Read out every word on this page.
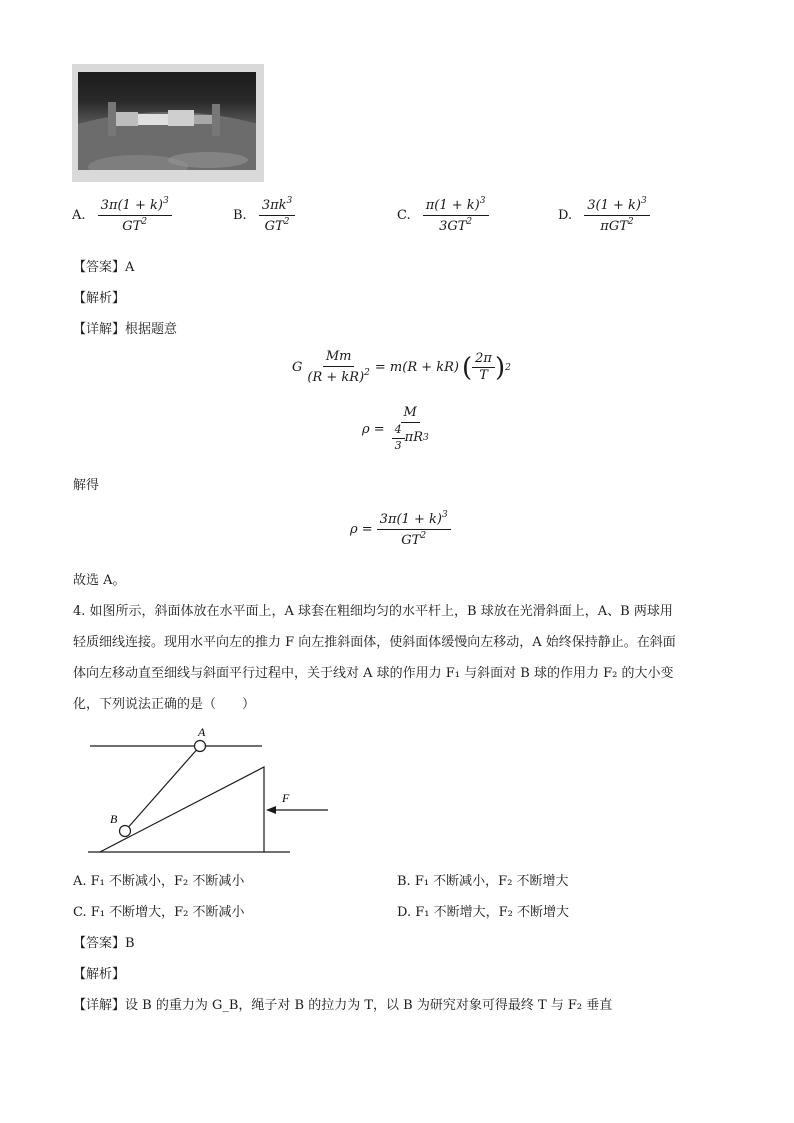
A. $\frac{3\pi(1 + k)^3}{GT^2}$	B. $\frac{3\pi k^3}{GT^2}$	C. $\frac{\pi(1 + k)^3}{3GT^2}$	D. $\frac{3(1 + k)^3}{\pi GT^2}$
【答案】A
【解析】
【详解】根据题意
G $\frac{Mm}{(R + kR)^2} = m(R + kR)$ ( $\frac{2\pi}{T}$ ) 2
$\rho = \frac{M}{\frac{4}{3} \pi R 3}$
解得
$\rho = \frac{3\pi(1 + k)^3}{GT^2}$
故选 A。
4. 如图所示，斜面体放在水平面上，A 球套在粗细均匀的水平杆上，B 球放在光滑斜面上，A、B 两球用
轻质细线连接。现用水平向左的推力 F 向左推斜面体，使斜面体缓慢向左移动，A 始终保持静止。在斜面
体向左移动直至细线与斜面平行过程中，关于线对 A 球的作用力 F₁ 与斜面对 B 球的作用力 F₂ 的大小变
化，下列说法正确的是（　　）
A
B
F
A. F₁ 不断减小，F₂ 不断减小	B. F₁ 不断减小，F₂ 不断增大
C. F₁ 不断增大，F₂ 不断减小	D. F₁ 不断增大，F₂ 不断增大
【答案】B
【解析】
【详解】设 B 的重力为 G_B，绳子对 B 的拉力为 T，以 B 为研究对象可得最终 T 与 F₂ 垂直
